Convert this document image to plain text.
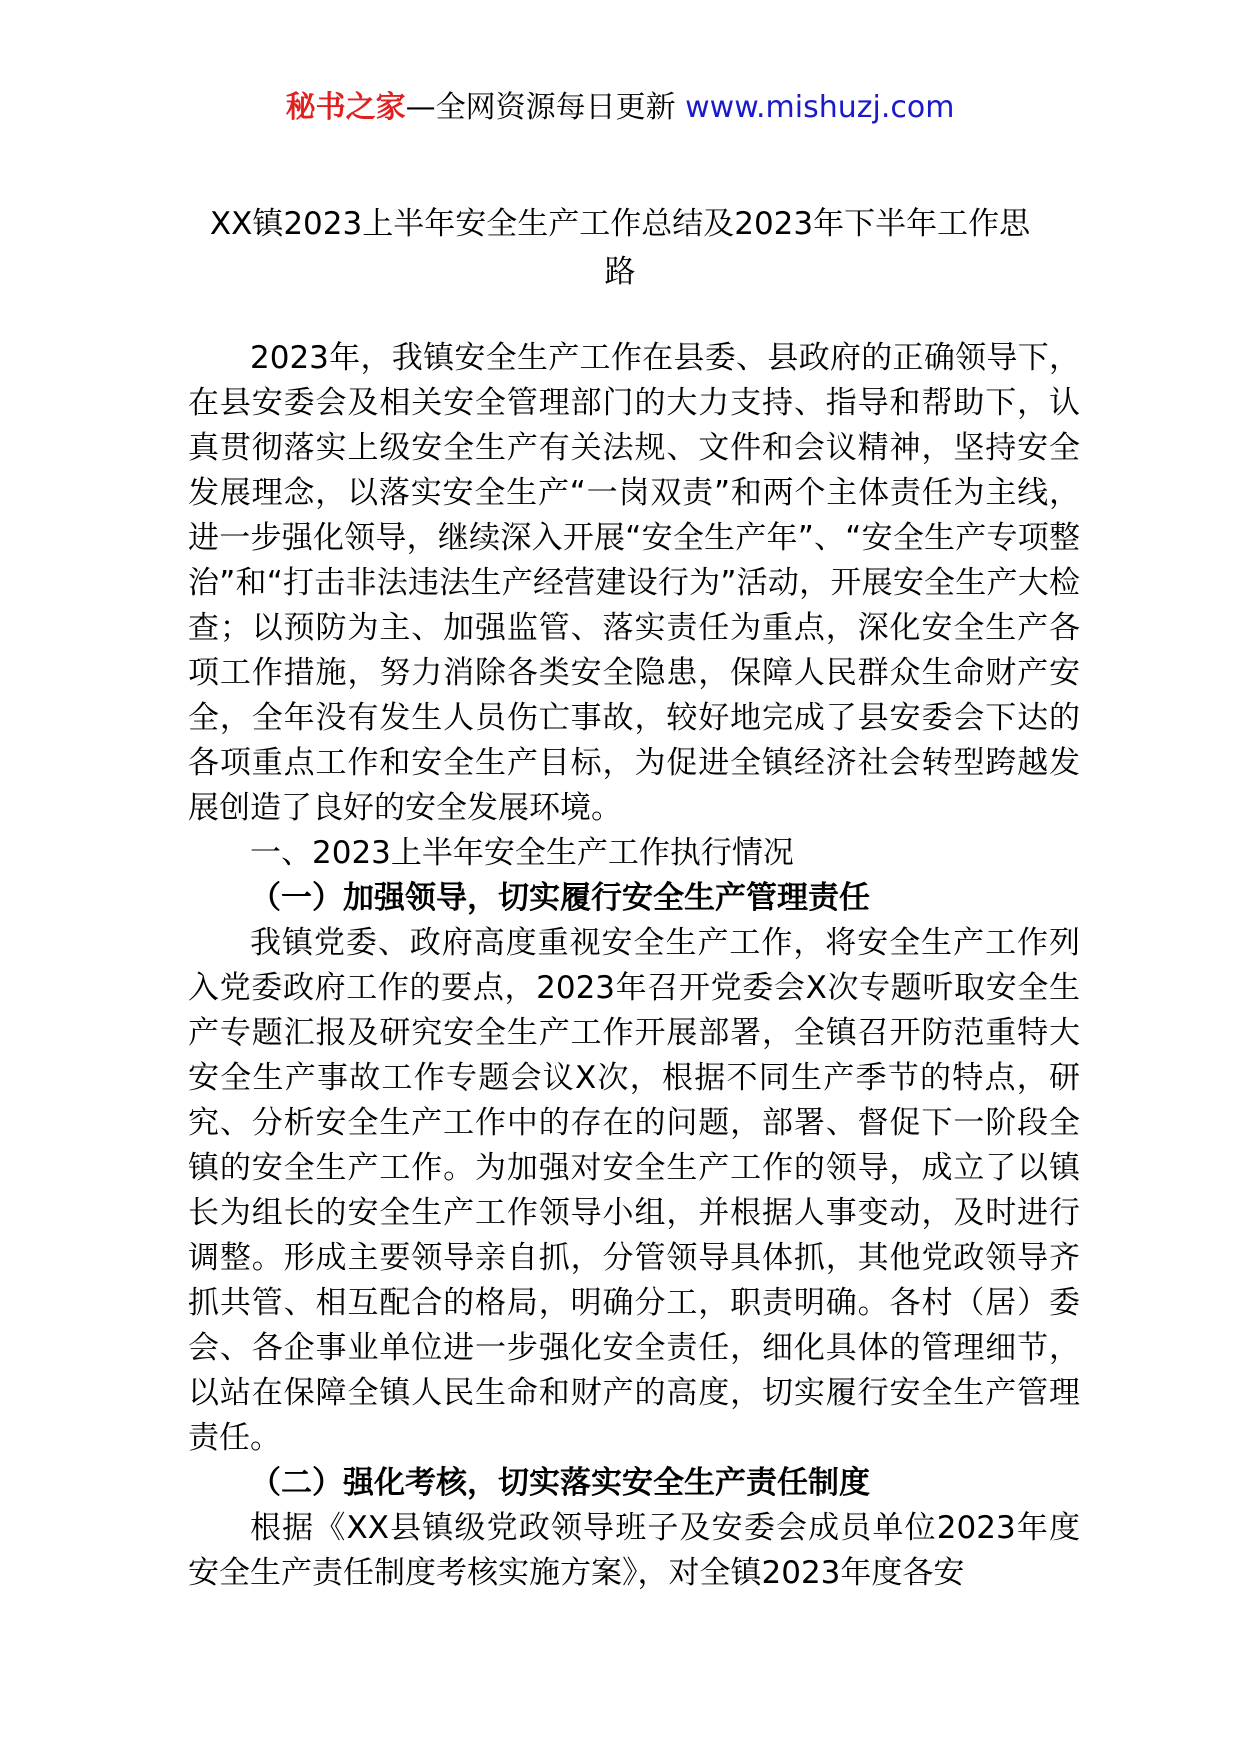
秘书之家—全网资源每日更新 www.mishuzj.com
XX镇2023上半年安全生产工作总结及2023年下半年工作思
路

2023年，我镇安全生产工作在县委、县政府的正确领导下，在县安委会及相关安全管理部门的大力支持、指导和帮助下，认真贯彻落实上级安全生产有关法规、文件和会议精神，坚持安全发展理念，以落实安全生产“一岗双责”和两个主体责任为主线，进一步强化领导，继续深入开展“安全生产年”、“安全生产专项整治”和“打击非法违法生产经营建设行为”活动，开展安全生产大检查；以预防为主、加强监管、落实责任为重点，深化安全生产各项工作措施，努力消除各类安全隐患，保障人民群众生命财产安全，全年没有发生人员伤亡事故，较好地完成了县安委会下达的各项重点工作和安全生产目标，为促进全镇经济社会转型跨越发展创造了良好的安全发展环境。

一、2023上半年安全生产工作执行情况

（一）加强领导，切实履行安全生产管理责任

我镇党委、政府高度重视安全生产工作，将安全生产工作列入党委政府工作的要点，2023年召开党委会X次专题听取安全生产专题汇报及研究安全生产工作开展部署，全镇召开防范重特大安全生产事故工作专题会议X次，根据不同生产季节的特点，研究、分析安全生产工作中的存在的问题，部署、督促下一阶段全镇的安全生产工作。为加强对安全生产工作的领导，成立了以镇长为组长的安全生产工作领导小组，并根据人事变动，及时进行调整。形成主要领导亲自抓，分管领导具体抓，其他党政领导齐抓共管、相互配合的格局，明确分工，职责明确。各村（居）委会、各企事业单位进一步强化安全责任，细化具体的管理细节，以站在保障全镇人民生命和财产的高度，切实履行安全生产管理责任。

（二）强化考核，切实落实安全生产责任制度

根据《XX县镇级党政领导班子及安委会成员单位2023年度安全生产责任制度考核实施方案》，对全镇2023年度各安
